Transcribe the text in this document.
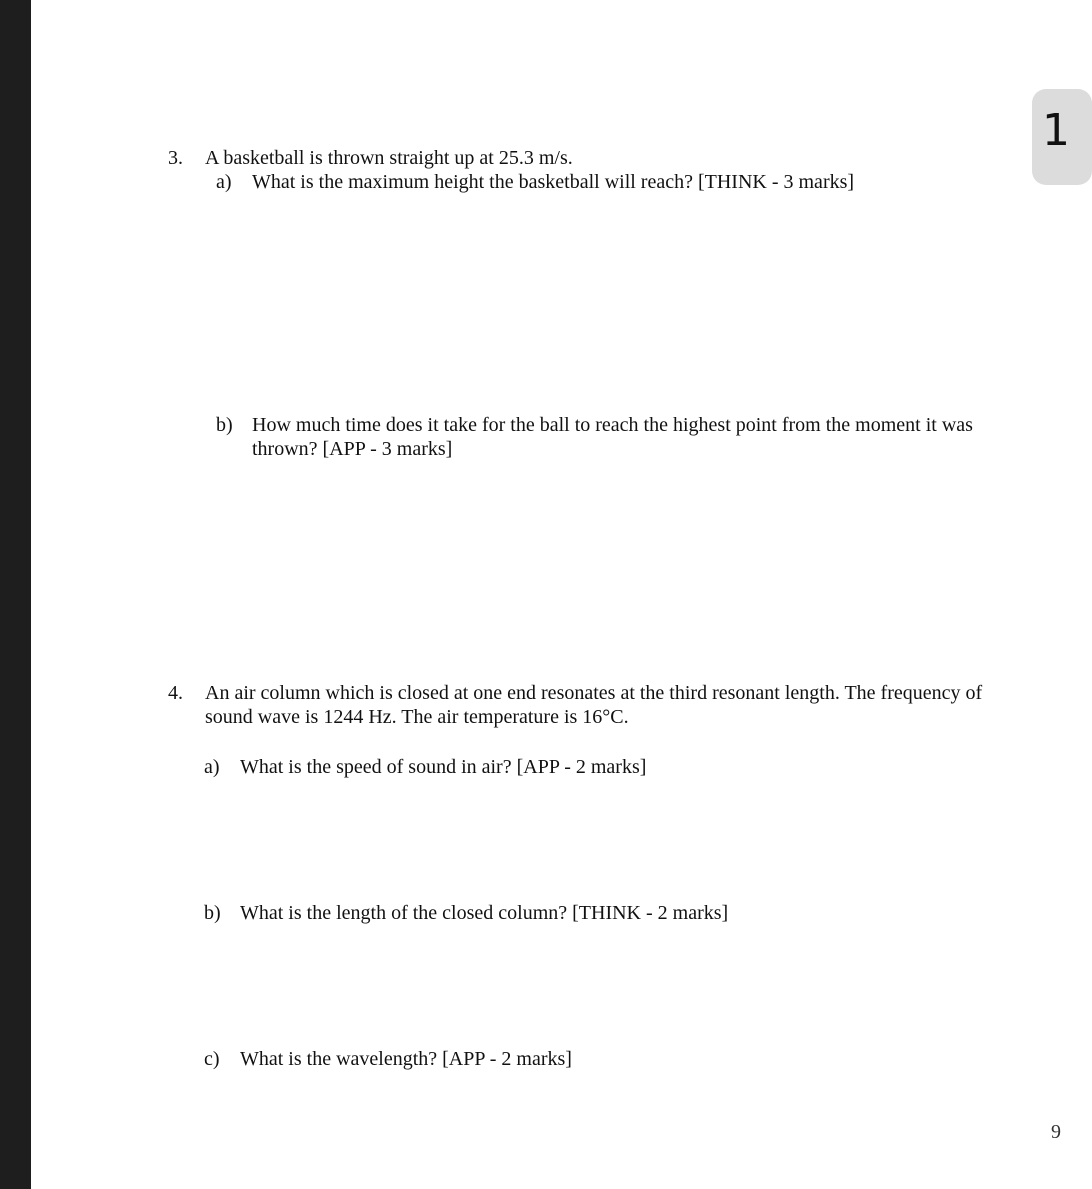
1
9
3. A basketball is thrown straight up at 25.3 m/s.
a) What is the maximum height the basketball will reach? [THINK - 3 marks]
b) How much time does it take for the ball to reach the highest point from the moment it was
thrown? [APP - 3 marks]
4. An air column which is closed at one end resonates at the third resonant length. The frequency of
sound wave is 1244 Hz. The air temperature is 16°C.
a) What is the speed of sound in air? [APP - 2 marks]
b) What is the length of the closed column? [THINK - 2 marks]
c) What is the wavelength? [APP - 2 marks]
